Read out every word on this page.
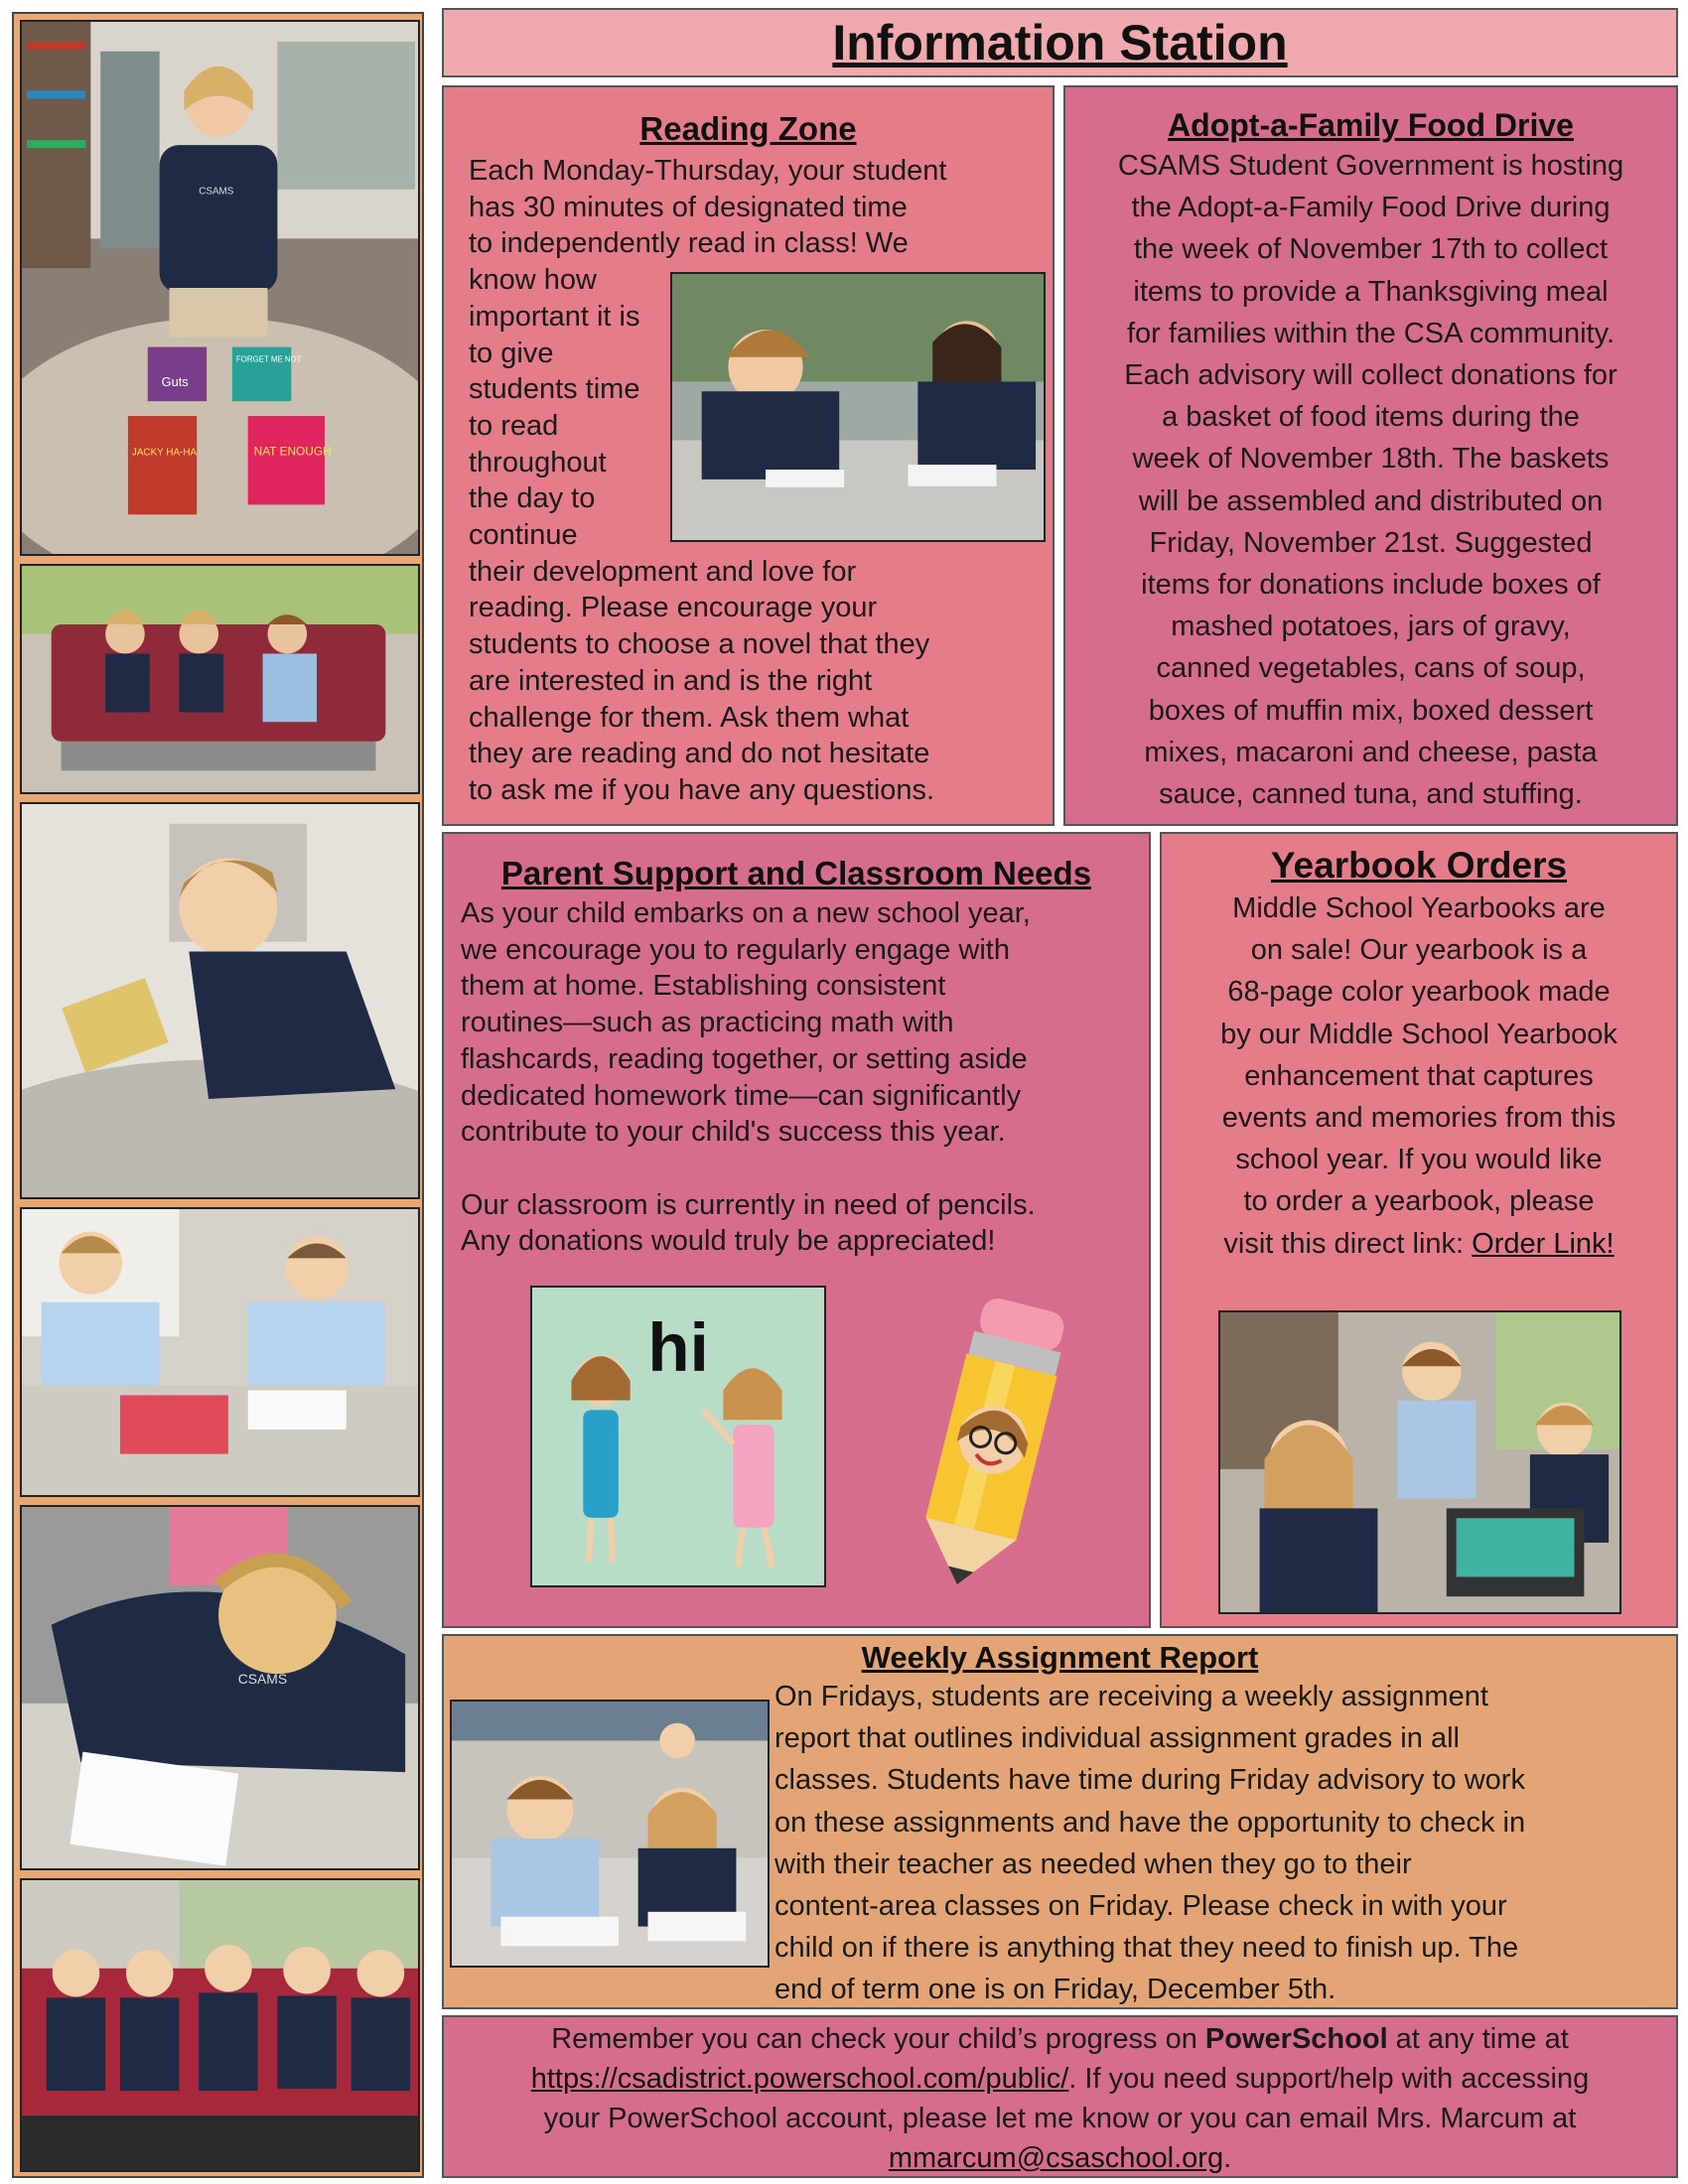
Guts
FORGET ME NOT
JACKY HA-HA	NAT ENOUGH
CSAMS
CSAMS
Information Station
Reading Zone

Each Monday-Thursday, your student

has 30 minutes of designated time

to independently read in class! We

know how

important it is

to give

students time

to read

throughout

the day to

continue

their development and love for

reading. Please encourage your

students to choose a novel that they

are interested in and is the right

challenge for them. Ask them what

they are reading and do not hesitate

to ask me if you have any questions.

Adopt-a-Family Food Drive

CSAMS Student Government is hosting

the Adopt-a-Family Food Drive during

the week of November 17th to collect

items to provide a Thanksgiving meal

for families within the CSA community.

Each advisory will collect donations for

a basket of food items during the

week of November 18th. The baskets

will be assembled and distributed on

Friday, November 21st. Suggested

items for donations include boxes of

mashed potatoes, jars of gravy,

canned vegetables, cans of soup,

boxes of muffin mix, boxed dessert

mixes, macaroni and cheese, pasta

sauce, canned tuna, and stuffing.

Parent Support and Classroom Needs

As your child embarks on a new school year,

we encourage you to regularly engage with

them at home. Establishing consistent

routines—such as practicing math with

flashcards, reading together, or setting aside

dedicated homework time—can significantly

contribute to your child's success this year.

Our classroom is currently in need of pencils.

Any donations would truly be appreciated!

hi
Yearbook Orders

Middle School Yearbooks are

on sale! Our yearbook is a

68-page color yearbook made

by our Middle School Yearbook

enhancement that captures

events and memories from this

school year. If you would like

to order a yearbook, please

visit this direct link: Order Link!

Weekly Assignment Report

On Fridays, students are receiving a weekly assignment

report that outlines individual assignment grades in all

classes. Students have time during Friday advisory to work

on these assignments and have the opportunity to check in

with their teacher as needed when they go to their

content-area classes on Friday. Please check in with your

child on if there is anything that they need to finish up. The

end of term one is on Friday, December 5th.

Remember you can check your child’s progress on PowerSchool at any time at

https://csadistrict.powerschool.com/public/. If you need support/help with accessing

your PowerSchool account, please let me know or you can email Mrs. Marcum at

mmarcum@csaschool.org.
